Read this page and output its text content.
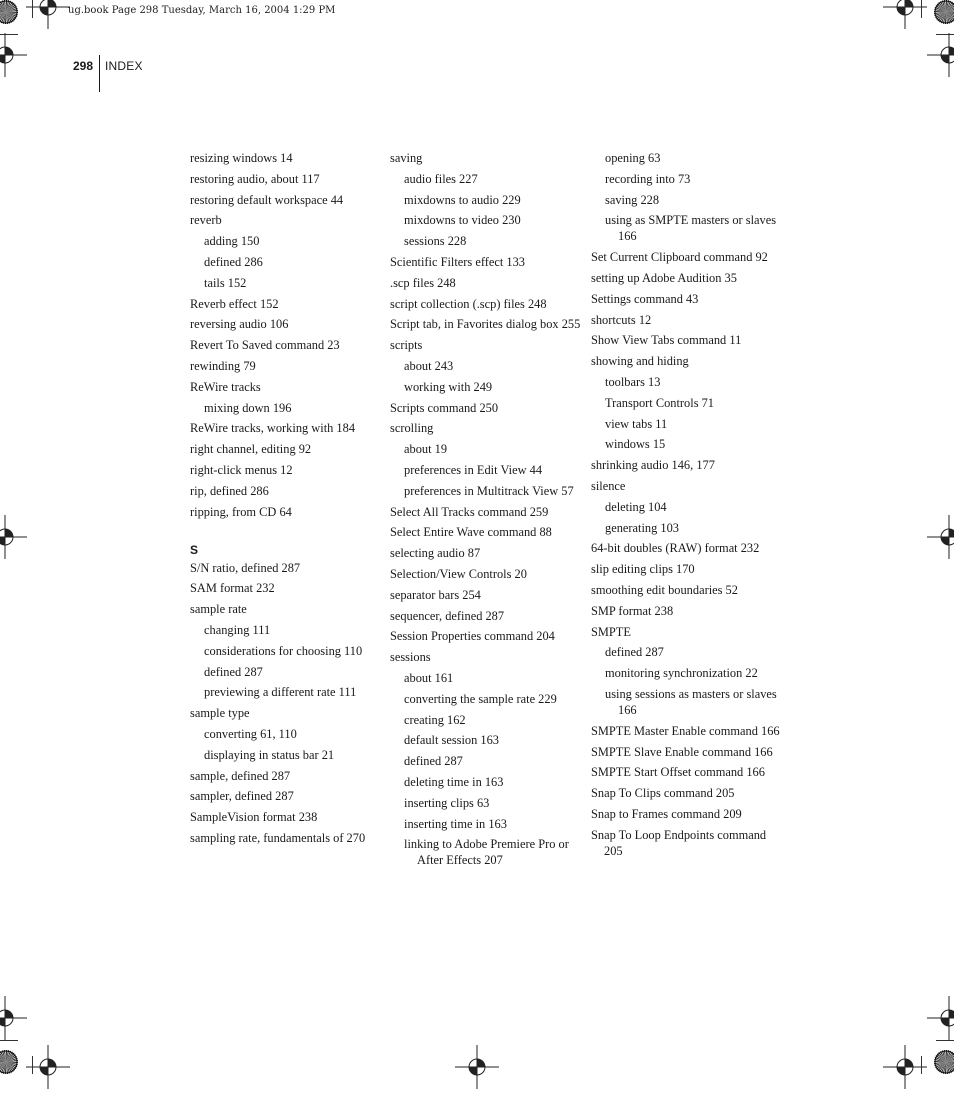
ug.book Page 298 Tuesday, March 16, 2004 1:29 PM
298 INDEX
resizing windows 14
restoring audio, about 117
restoring default workspace 44
reverb
adding 150
defined 286
tails 152
Reverb effect 152
reversing audio 106
Revert To Saved command 23
rewinding 79
ReWire tracks
mixing down 196
ReWire tracks, working with 184
right channel, editing 92
right-click menus 12
rip, defined 286
ripping, from CD 64
S
S/N ratio, defined 287
SAM format 232
sample rate
changing 111
considerations for choosing 110
defined 287
previewing a different rate 111
sample type
converting 61, 110
displaying in status bar 21
sample, defined 287
sampler, defined 287
SampleVision format 238
sampling rate, fundamentals of 270
saving
audio files 227
mixdowns to audio 229
mixdowns to video 230
sessions 228
Scientific Filters effect 133
.scp files 248
script collection (.scp) files 248
Script tab, in Favorites dialog box 255
scripts
about 243
working with 249
Scripts command 250
scrolling
about 19
preferences in Edit View 44
preferences in Multitrack View 57
Select All Tracks command 259
Select Entire Wave command 88
selecting audio 87
Selection/View Controls 20
separator bars 254
sequencer, defined 287
Session Properties command 204
sessions
about 161
converting the sample rate 229
creating 162
default session 163
defined 287
deleting time in 163
inserting clips 63
inserting time in 163
linking to Adobe Premiere Pro or After Effects 207
opening 63
recording into 73
saving 228
using as SMPTE masters or slaves 166
Set Current Clipboard command 92
setting up Adobe Audition 35
Settings command 43
shortcuts 12
Show View Tabs command 11
showing and hiding
toolbars 13
Transport Controls 71
view tabs 11
windows 15
shrinking audio 146, 177
silence
deleting 104
generating 103
64-bit doubles (RAW) format 232
slip editing clips 170
smoothing edit boundaries 52
SMP format 238
SMPTE
defined 287
monitoring synchronization 22
using sessions as masters or slaves 166
SMPTE Master Enable command 166
SMPTE Slave Enable command 166
SMPTE Start Offset command 166
Snap To Clips command 205
Snap to Frames command 209
Snap To Loop Endpoints command 205
